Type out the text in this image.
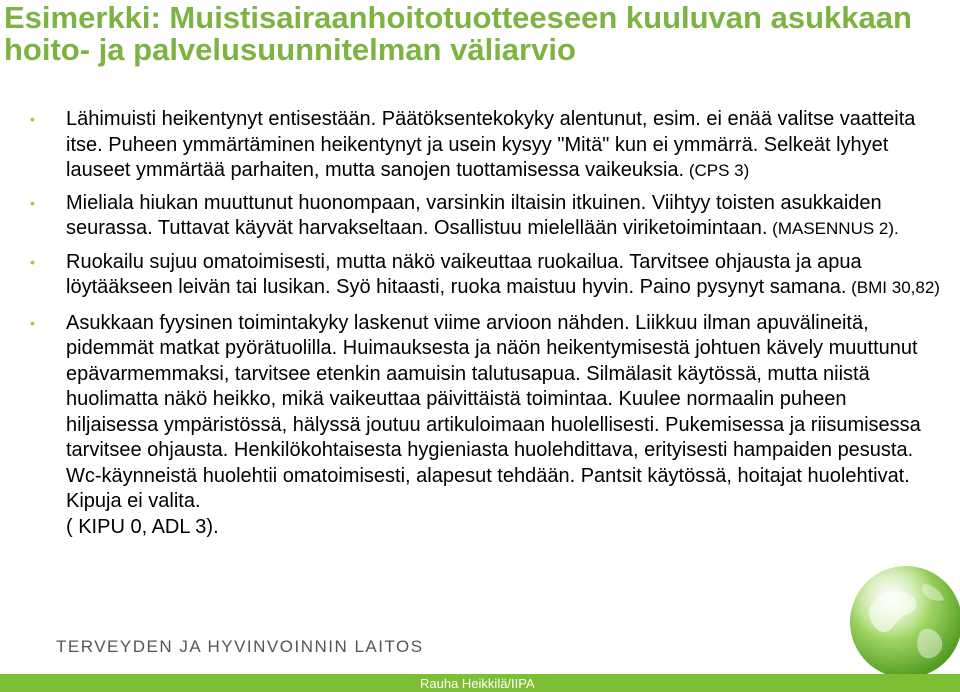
Esimerkki: Muistisairaanhoitotuotteeseen kuuluvan asukkaan hoito- ja palvelusuunnitelman väliarvio
• Lähimuisti heikentynyt entisestään. Päätöksentekokyky alentunut, esim. ei enää valitse vaatteita itse. Puheen ymmärtäminen heikentynyt ja usein kysyy "Mitä" kun ei ymmärrä. Selkeät lyhyet lauseet ymmärtää parhaiten, mutta sanojen tuottamisessa vaikeuksia. (CPS 3)
• Mieliala hiukan muuttunut huonompaan, varsinkin iltaisin itkuinen. Viihtyy toisten asukkaiden seurassa. Tuttavat käyvät harvakseltaan. Osallistuu mielellään viriketoimintaan. (MASENNUS 2).
• Ruokailu sujuu omatoimisesti, mutta näkö vaikeuttaa ruokailua. Tarvitsee ohjausta ja apua löytääkseen leivän tai lusikan. Syö hitaasti, ruoka maistuu hyvin. Paino pysynyt samana. (BMI 30,82)
• Asukkaan fyysinen toimintakyky laskenut viime arvioon nähden. Liikkuu ilman apuvälineitä, pidemmät matkat pyörätuolilla. Huimauksesta ja näön heikentymisestä johtuen kävely muuttunut epävarmemmaksi, tarvitsee etenkin aamuisin talutusapua. Silmälasit käytössä, mutta niistä huolimatta näkö heikko, mikä vaikeuttaa päivittäistä toimintaa. Kuulee normaalin puheen hiljaisessa ympäristössä, hälyssä joutuu artikuloimaan huolellisesti. Pukemisessa ja riisumisessa tarvitsee ohjausta. Henkilökohtaisesta hygieniasta huolehdittava, erityisesti hampaiden pesusta. Wc-käynneistä huolehtii omatoimisesti, alapesut tehdään. Pantsit käytössä, hoitajat huolehtivat. Kipuja ei valita.
( KIPU 0, ADL 3).
TERVEYDEN JA HYVINVOINNIN LAITOS
Rauha Heikkilä/IIPA
